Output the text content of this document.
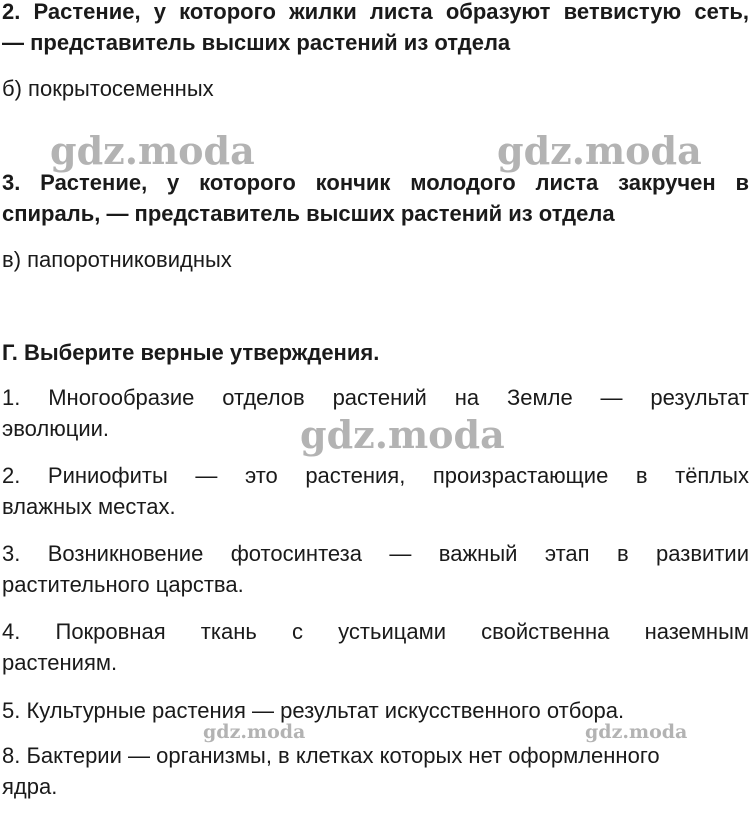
2. Растение, у которого жилки листа образуют ветвистую сеть,
— представитель высших растений из отдела
б) покрытосеменных
3. Растение, у которого кончик молодого листа закручен в
спираль, — представитель высших растений из отдела
в) папоротниковидных
Г. Выберите верные утверждения.
1. Многообразие отделов растений на Земле — результат
эволюции.
2. Риниофиты — это растения, произрастающие в тёплых
влажных местах.
3. Возникновение фотосинтеза — важный этап в развитии
растительного царства.
4. Покровная ткань с устьицами свойственна наземным
растениям.
5. Культурные растения — результат искусственного отбора.
8. Бактерии — организмы, в клетках которых нет оформленного
ядра.
gdz.moda	gdz.moda
gdz.moda
gdz.moda	gdz.moda
